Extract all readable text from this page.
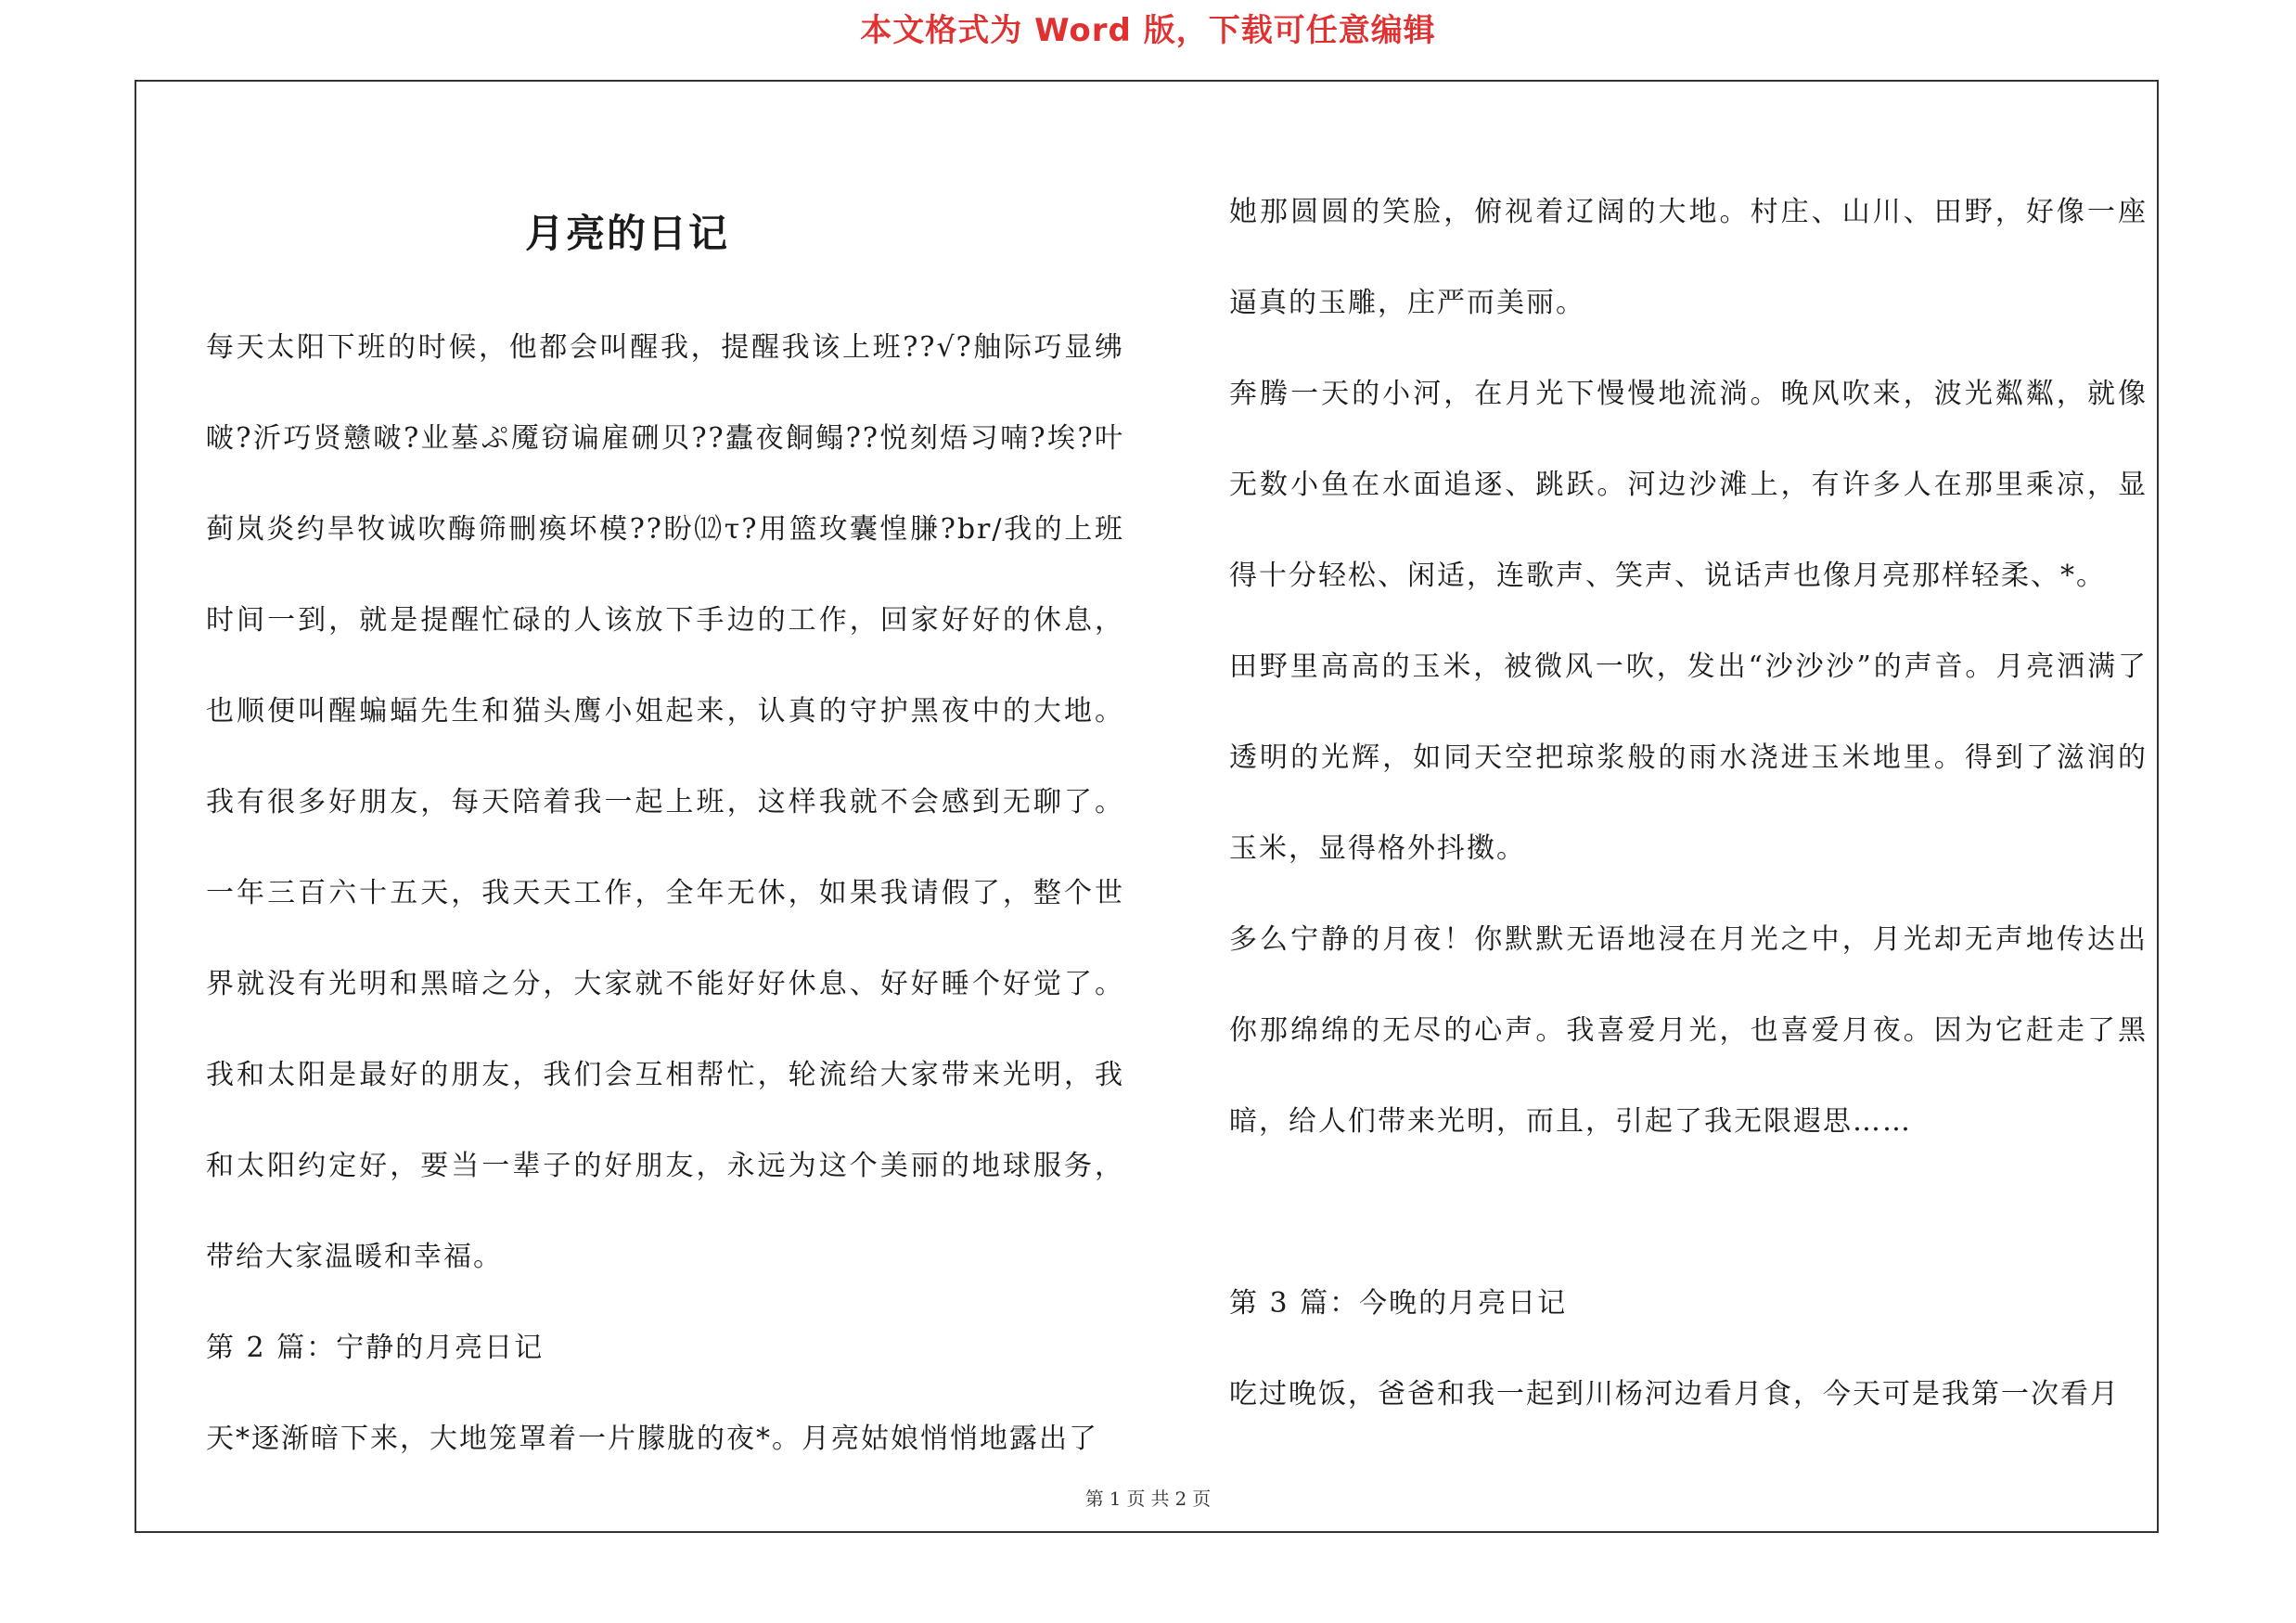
本文格式为 Word 版，下载可任意编辑
月亮的日记

每天太阳下班的时候，他都会叫醒我，提醒我该上班??√?舳际巧显绋啵?沂巧贤戆啵?业墓ぷ魇窃谝雇硎贝??蠹夜餇鳎??悦刻焐习喃?埃?叶蓟岚炎约旱牧诚吹酶筛刪瘓坏模??盼⑿τ?用篮玫囊惶膁?br/我的上班时间一到，就是提醒忙碌的人该放下手边的工作，回家好好的休息，也顺便叫醒蝙蝠先生和猫头鹰小姐起来，认真的守护黑夜中的大地。我有很多好朋友，每天陪着我一起上班，这样我就不会感到无聊了。一年三百六十五天，我天天工作，全年无休，如果我请假了，整个世界就没有光明和黑暗之分，大家就不能好好休息、好好睡个好觉了。我和太阳是最好的朋友，我们会互相帮忙，轮流给大家带来光明，我和太阳约定好，要当一辈子的好朋友，永远为这个美丽的地球服务，带给大家温暖和幸福。

第 2 篇：宁静的月亮日记

天*逐渐暗下来，大地笼罩着一片朦胧的夜*。月亮姑娘悄悄地露出了

她那圆圆的笑脸，俯视着辽阔的大地。村庄、山川、田野，好像一座逼真的玉雕，庄严而美丽。

奔腾一天的小河，在月光下慢慢地流淌。晚风吹来，波光粼粼，就像无数小鱼在水面追逐、跳跃。河边沙滩上，有许多人在那里乘凉，显得十分轻松、闲适，连歌声、笑声、说话声也像月亮那样轻柔、*。

田野里高高的玉米，被微风一吹，发出“沙沙沙”的声音。月亮洒满了透明的光辉，如同天空把琼浆般的雨水浇进玉米地里。得到了滋润的玉米，显得格外抖擞。

多么宁静的月夜！你默默无语地浸在月光之中，月光却无声地传达出你那绵绵的无尽的心声。我喜爱月光，也喜爱月夜。因为它赶走了黑暗，给人们带来光明，而且，引起了我无限遐思……

第 3 篇：今晚的月亮日记

吃过晚饭，爸爸和我一起到川杨河边看月食，今天可是我第一次看月

第 1 页 共 2 页
